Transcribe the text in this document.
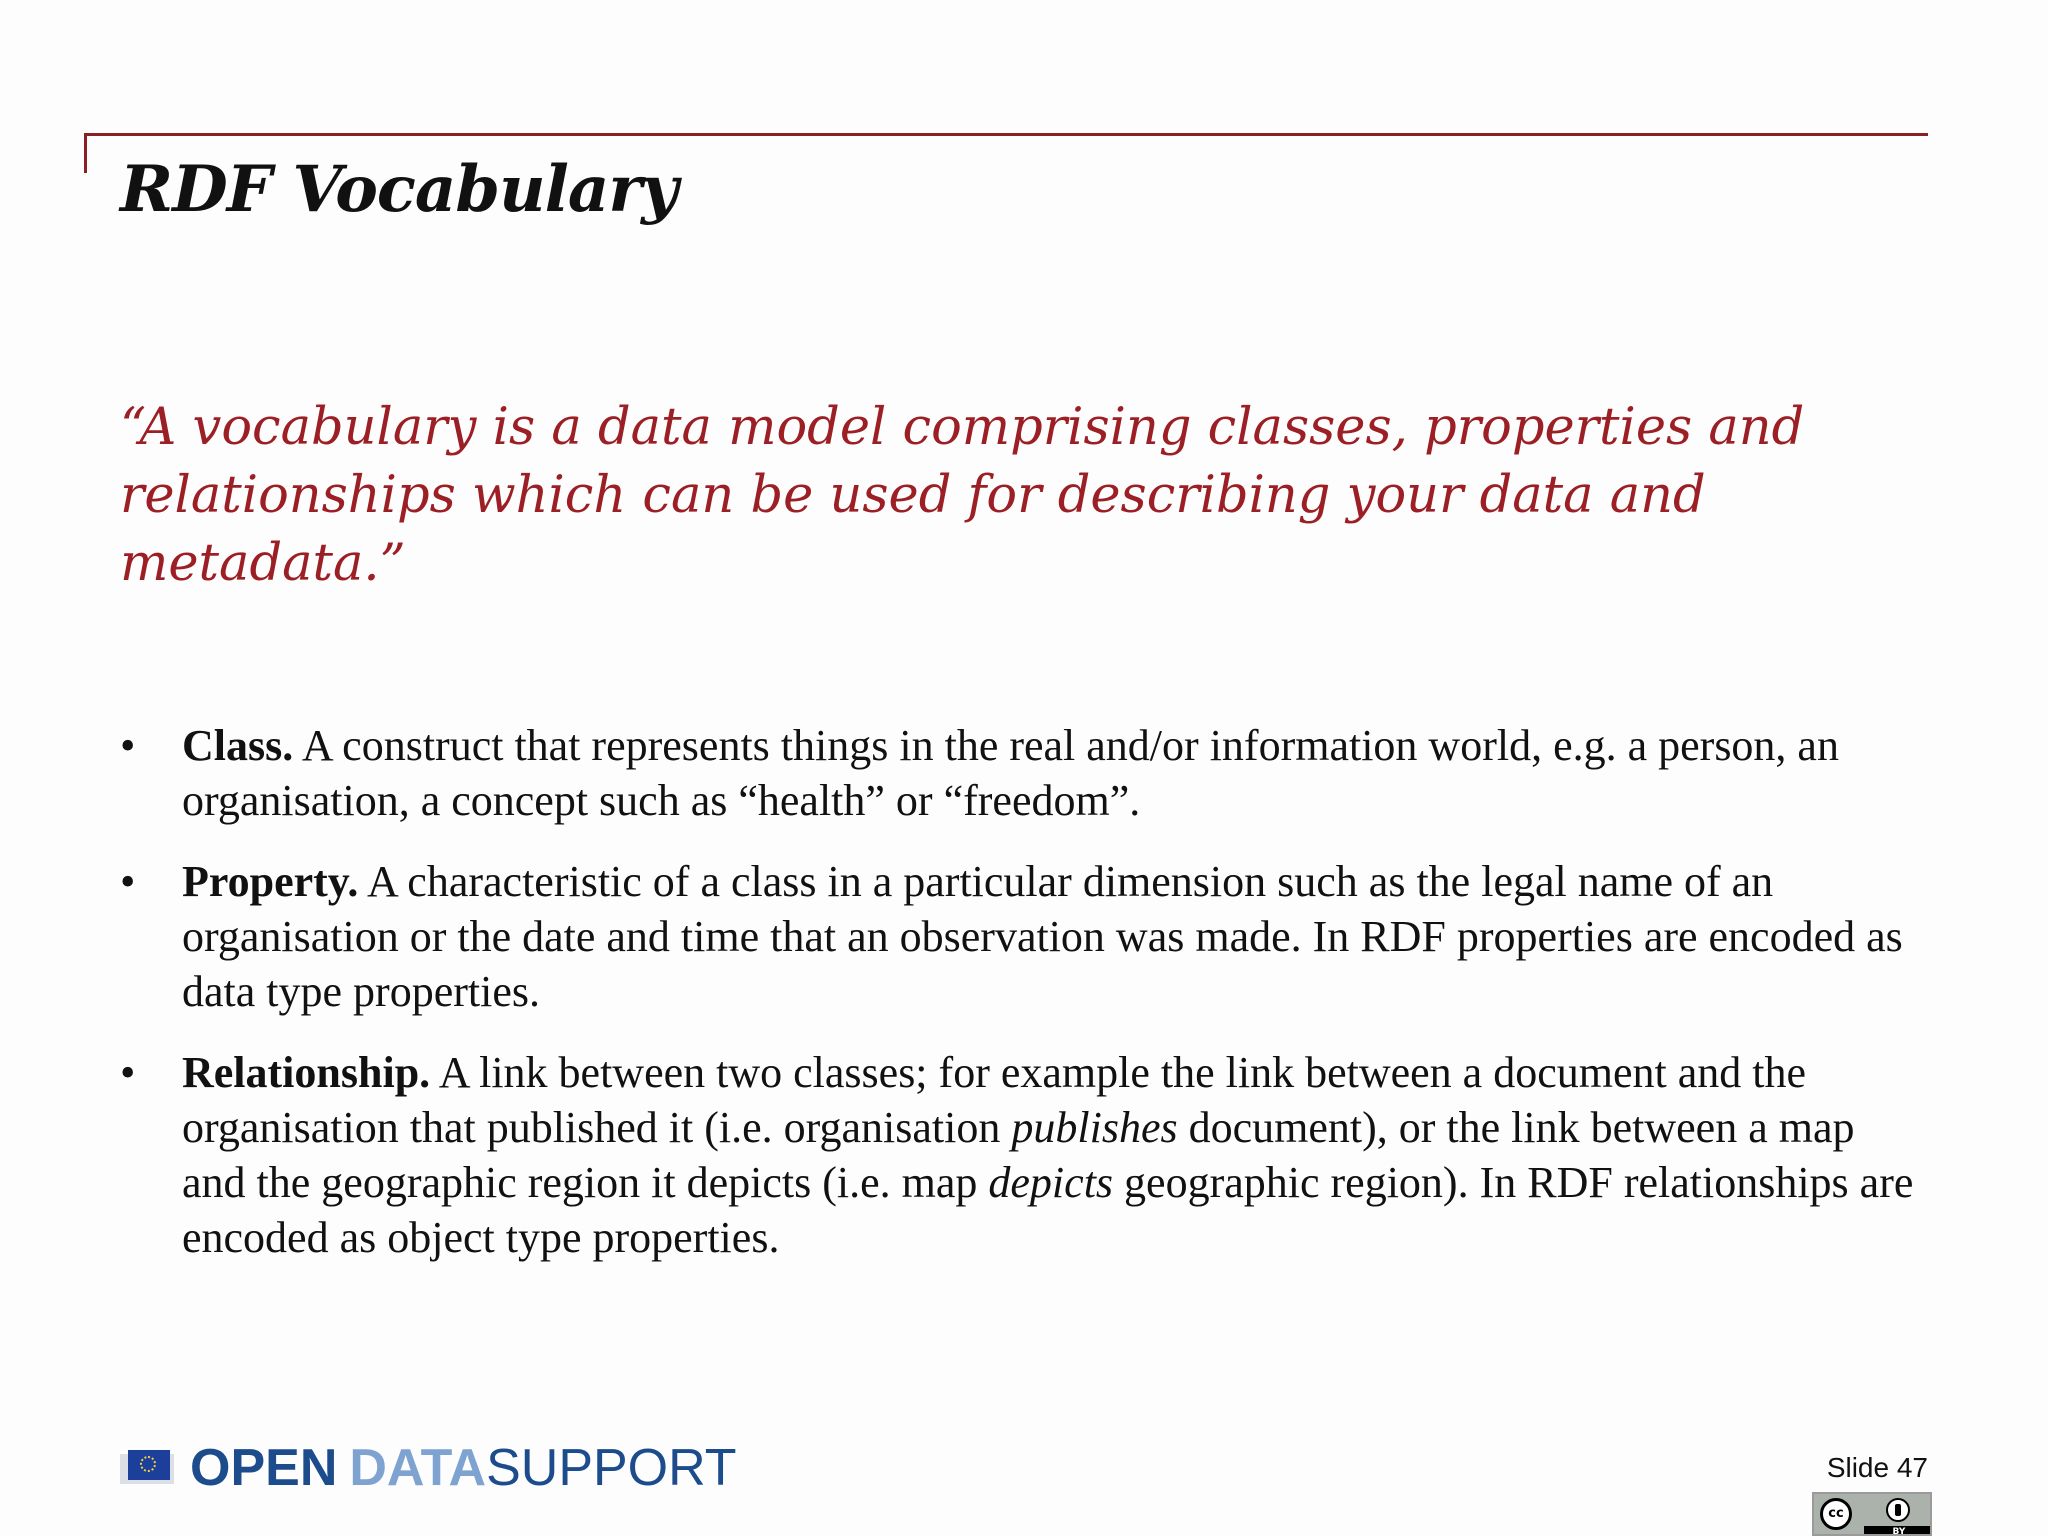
RDF Vocabulary

“A vocabulary is a data model comprising classes, properties and relationships which can be used for describing your data and metadata.”

• Class. A construct that represents things in the real and/or information world, e.g. a person, an organisation, a concept such as “health” or “freedom”.
• Property. A characteristic of a class in a particular dimension such as the legal name of an organisation or the date and time that an observation was made. In RDF properties are encoded as data type properties.
• Relationship. A link between two classes; for example the link between a document and the organisation that published it (i.e. organisation publishes document), or the link between a map and the geographic region it depicts (i.e. map depicts geographic region). In RDF relationships are encoded as object type properties.
OPEN DATASUPPORT	Slide 47
cc
BY
